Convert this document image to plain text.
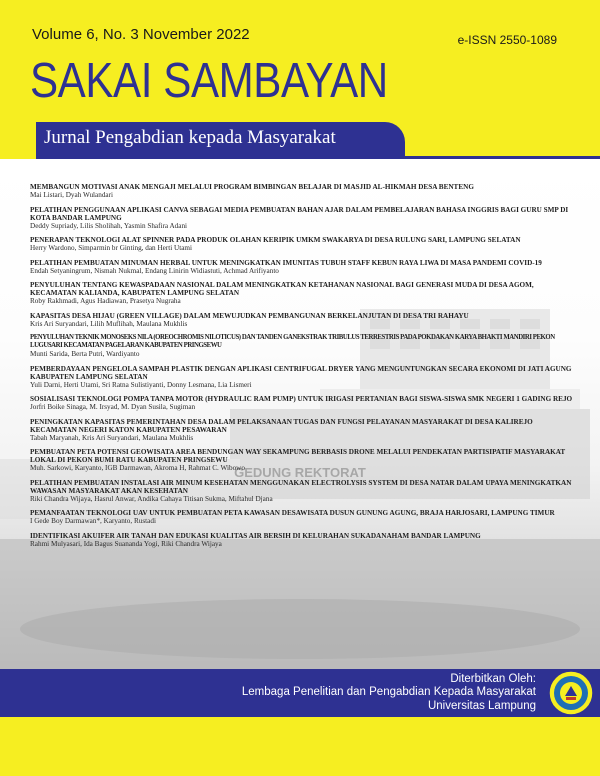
Volume 6, No. 3 November 2022	e-ISSN 2550-1089
SAKAI SAMBAYAN
Jurnal Pengabdian kepada Masyarakat
GEDUNG REKTORAT
MEMBANGUN MOTIVASI ANAK MENGAJI MELALUI PROGRAM BIMBINGAN BELAJAR DI MASJID AL-HIKMAH DESA BENTENG
Mai Listari, Dyah Wulandari
PELATIHAN PENGGUNAAN APLIKASI CANVA SEBAGAI MEDIA PEMBUATAN BAHAN AJAR DALAM PEMBELAJARAN BAHASA INGGRIS BAGI GURU SMP DI KOTA BANDAR LAMPUNG
Deddy Supriady, Lilis Sholihah, Yasmin Shafira Adani
PENERAPAN TEKNOLOGI ALAT SPINNER PADA PRODUK OLAHAN KERIPIK UMKM SWAKARYA DI DESA RULUNG SARI, LAMPUNG SELATAN
Herry Wardono, Simparmin br Ginting, dan Herti Utami
PELATIHAN PEMBUATAN MINUMAN HERBAL UNTUK MENINGKATKAN IMUNITAS TUBUH STAFF KEBUN RAYA LIWA DI MASA PANDEMI COVID-19
Endah Setyaningrum, Nismah Nukmal, Endang Linirin Widiastuti, Achmad Arifiyanto
PENYULUHAN TENTANG KEWASPADAAN NASIONAL DALAM MENINGKATKAN KETAHANAN NASIONAL BAGI GENERASI MUDA DI DESA AGOM, KECAMATAN KALIANDA, KABUPATEN LAMPUNG SELATAN
Roby Rakhmadi, Agus Hadiawan, Prasetya Nugraha
KAPASITAS DESA HIJAU (GREEN VILLAGE) DALAM MEWUJUDKAN PEMBANGUNAN BERKELANJUTAN DI DESA TRI RAHAYU
Kris Ari Suryandari, Lilih Muflihah, Maulana Mukhlis
PENYULUHAN TEKNIK MONOSEKS NILA (OREOCHROMIS NILOTICUS) DAN TANDEN GANEKSTRAK TRIBULUS TERRESTRIS PADA POKDAKAN KARYA BHAKTI MANDIRI PEKON LUGUSARI KECAMATAN PAGELARAN KABUPATEN PRINGSEWU
Munti Sarida, Berta Putri, Wardiyanto
PEMBERDAYAAN PENGELOLA SAMPAH PLASTIK DENGAN APLIKASI CENTRIFUGAL DRYER YANG MENGUNTUNGKAN SECARA EKONOMI DI JATI AGUNG KABUPATEN LAMPUNG SELATAN
Yuli Darni, Herti Utami, Sri Ratna Sulistiyanti, Donny Lesmana, Lia Lismeri
SOSIALISASI TEKNOLOGI POMPA TANPA MOTOR (HYDRAULIC RAM PUMP) UNTUK IRIGASI PERTANIAN BAGI SISWA-SISWA SMK NEGERI 1 GADING REJO
Jorfri Boike Sinaga, M. Irsyad, M. Dyan Susila, Sugiman
PENINGKATAN KAPASITAS PEMERINTAHAN DESA DALAM PELAKSANAAN TUGAS DAN FUNGSI PELAYANAN MASYARAKAT DI DESA KALIREJO KECAMATAN NEGERI KATON KABUPATEN PESAWARAN
Tabah Maryanah, Kris Ari Suryandari, Maulana Mukhlis
PEMBUATAN PETA POTENSI GEOWISATA AREA BENDUNGAN WAY SEKAMPUNG BERBASIS DRONE MELALUI PENDEKATAN PARTISIPATIF MASYARAKAT LOKAL DI PEKON BUMI RATU KABUPATEN PRINGSEWU
Muh. Sarkowi, Karyanto, IGB Darmawan, Akroma H, Rahmat C. Wibowo
PELATIHAN PEMBUATAN INSTALASI AIR MINUM KESEHATAN MENGGUNAKAN ELECTROLYSIS SYSTEM DI DESA NATAR DALAM UPAYA MENINGKATKAN WAWASAN MASYARAKAT AKAN KESEHATAN
Riki Chandra Wijaya, Hasrul Anwar, Andika Cahaya Titisan Sukma, Miftahul Djana
PEMANFAATAN TEKNOLOGI UAV UNTUK PEMBUATAN PETA KAWASAN DESAWISATA DUSUN GUNUNG AGUNG, BRAJA HARJOSARI, LAMPUNG TIMUR
I Gede Boy Darmawan*, Karyanto, Rustadi
IDENTIFIKASI AKUIFER AIR TANAH DAN EDUKASI KUALITAS AIR BERSIH DI KELURAHAN SUKADANAHAM BANDAR LAMPUNG
Rahmi Mulyasari, Ida Bagus Suananda Yogi, Riki Chandra Wijaya
Diterbitkan Oleh:
Lembaga Penelitian dan Pengabdian Kepada Masyarakat
Universitas Lampung
